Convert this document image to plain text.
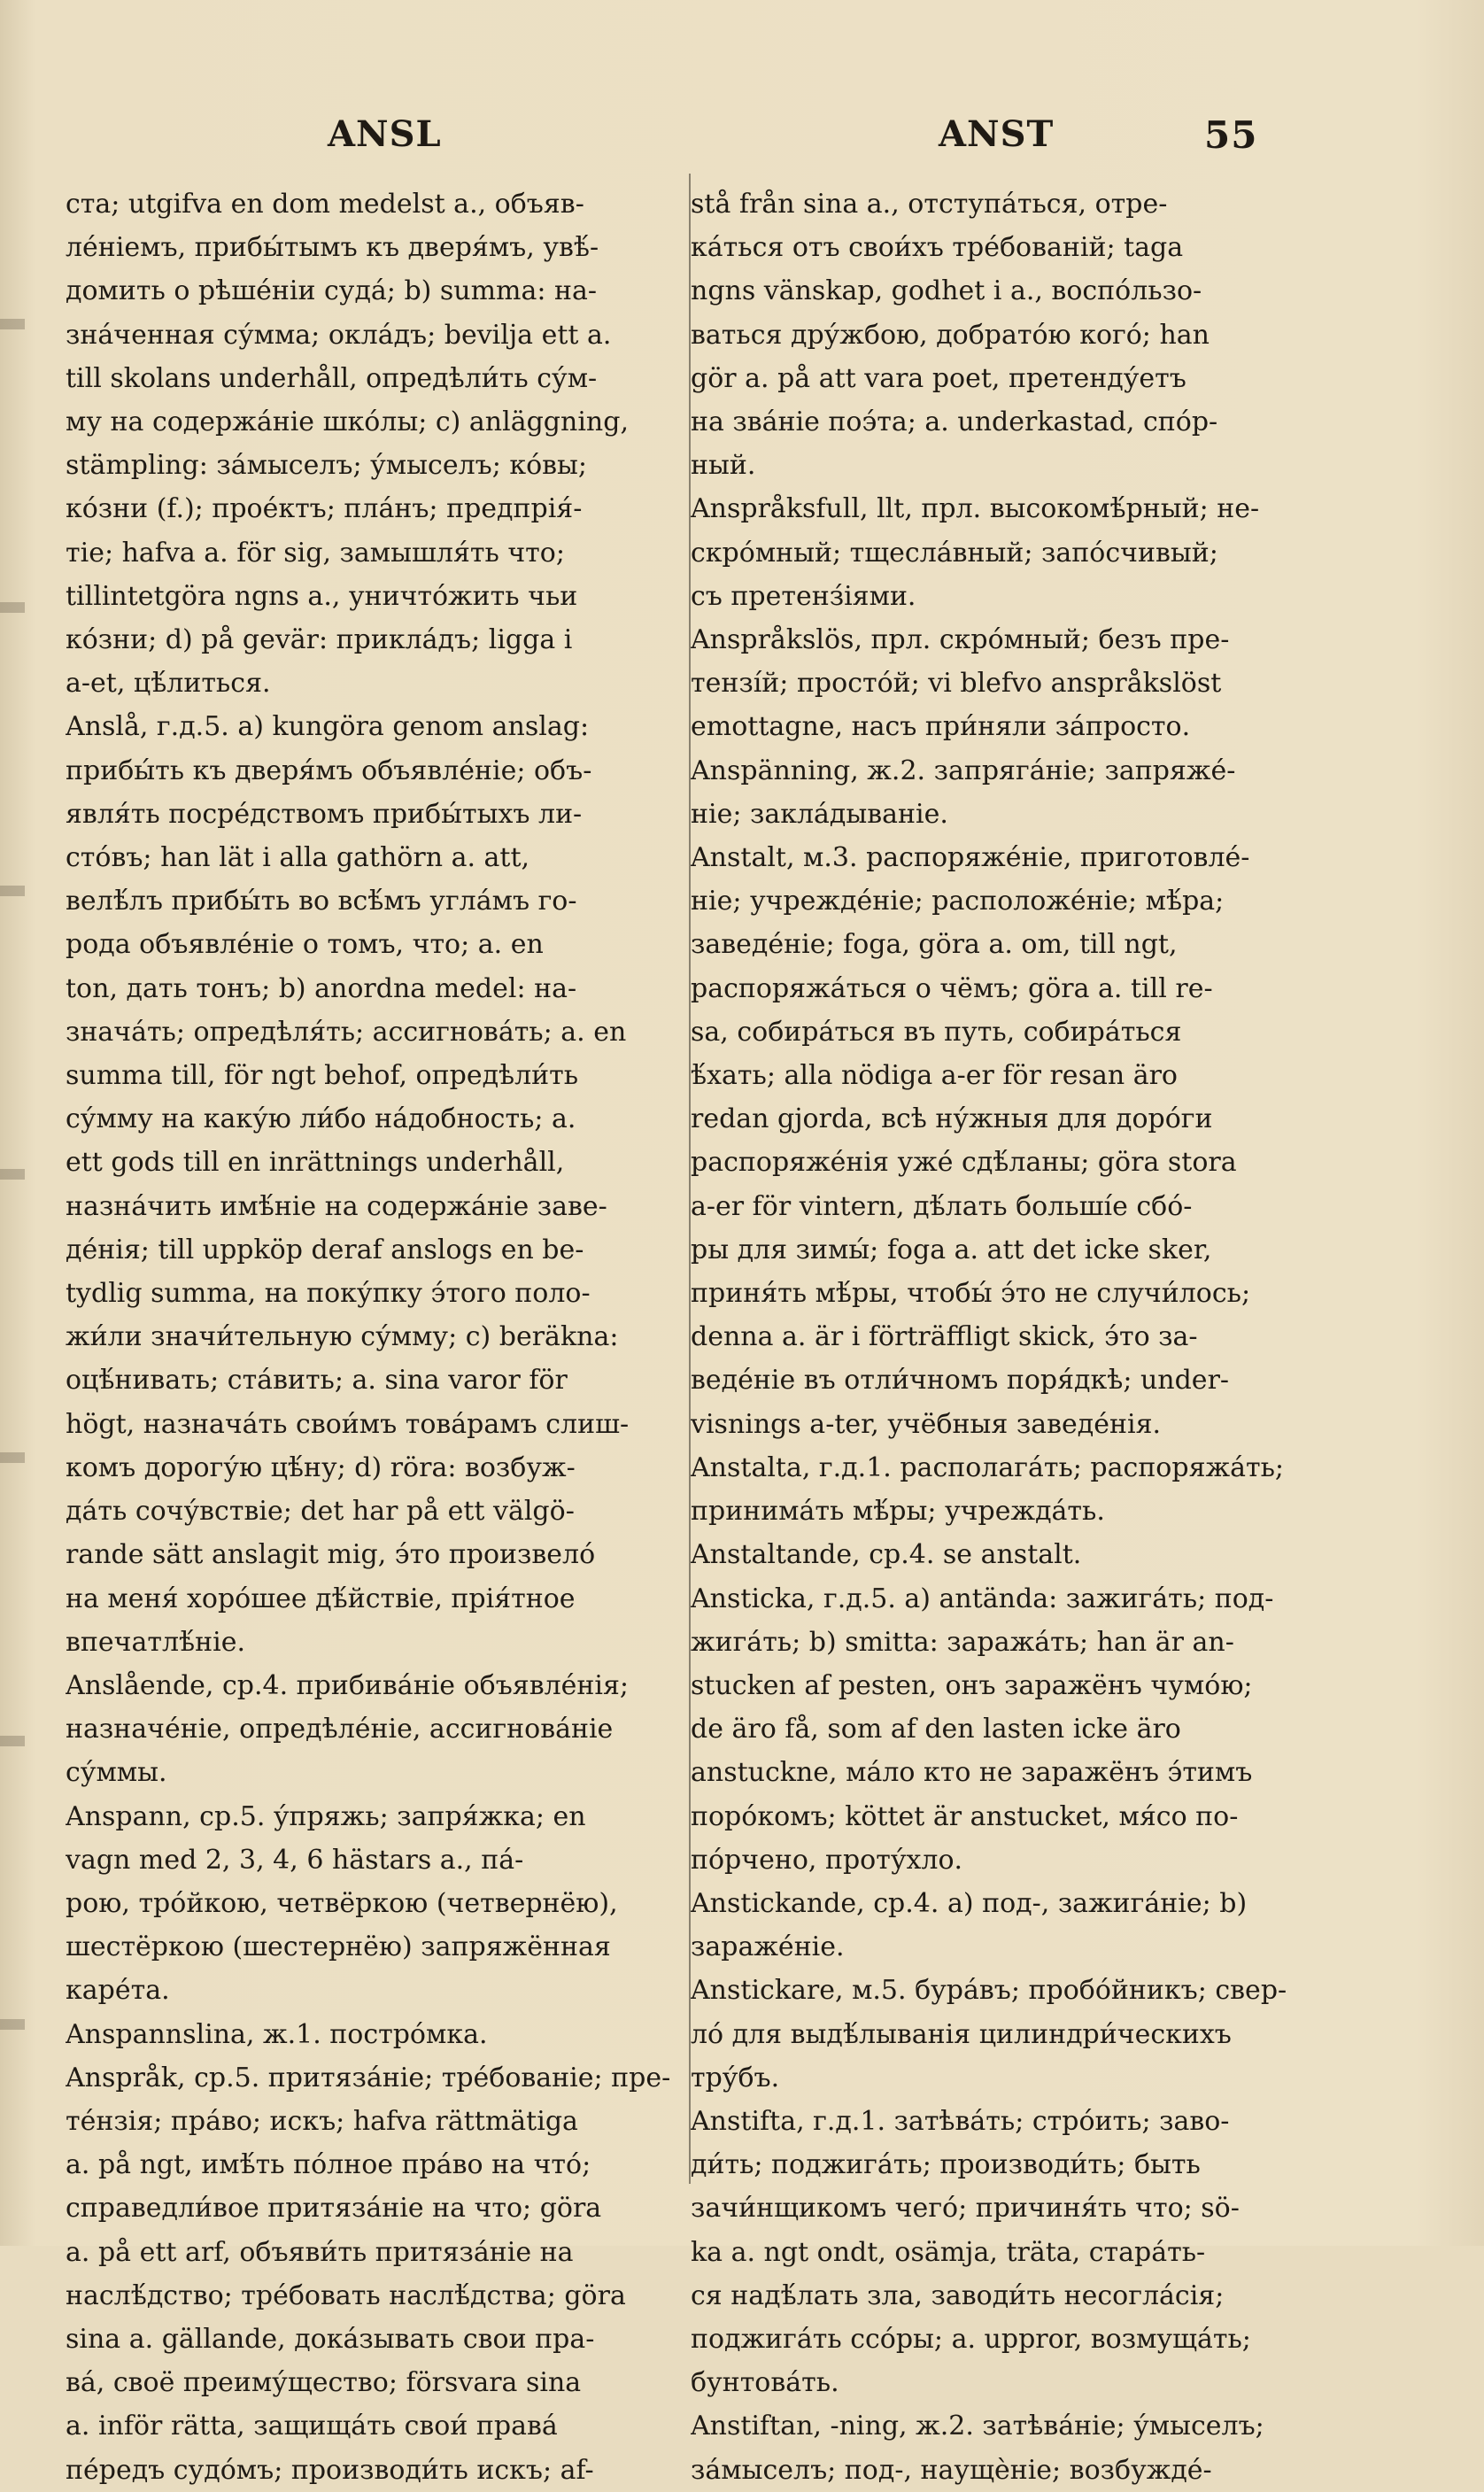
ANSL	ANST	55
ста; utgifva en dom medelst a., объяв-
ле́ніемъ, прибы́тымъ къ двеpя́мъ, увѣ́-
домить о рѣше́ніи суда́; b) summa: на-
зна́ченная су́мма; окла́дъ; bevilja ett a.
till skolans underhåll, опредѣли́ть су́м-
му на содержа́ніе шко́лы; c) anläggning,
stämpling: за́мыселъ; у́мыселъ; ко́вы;
ко́зни (f.); прое́ктъ; пла́нъ; предпрія́-
тіе; hafva a. för sig, замышля́ть что;
tillintetgöra ngns a., уничто́жить чьи
ко́зни; d) på gevär: прикла́дъ; ligga i
a-et, цѣ́литься.
Anslå, г.д.5. a) kungöra genom anslag:
прибы́ть къ двеpя́мъ объявле́ніе; объ-
явля́ть посре́дствомъ прибы́тыхъ ли-
сто́въ; han lät i alla gathörn a. att,
велѣ́лъ прибы́ть во всѣ́мъ угла́мъ го-
рода объявле́ніе о томъ, что; a. en
ton, дать тонъ; b) anordna medel: на-
знача́ть; опредѣля́ть; ассигнова́ть; a. en
summa till, för ngt behof, опредѣли́ть
су́мму на каку́ю ли́бо на́добность; a.
ett gods till en inrättnings underhåll,
назна́чить имѣ́ніе на содержа́ніе заве-
де́нія; till uppköp deraf anslogs en be-
tydlig summa, на поку́пку э́того поло-
жи́ли значи́тельную су́мму; c) beräkna:
оцѣ́нивать; ста́вить; a. sina varor för
högt, назнача́ть свои́мъ това́рамъ слиш-
комъ дорогу́ю цѣ́ну; d) röra: возбуж-
да́ть сочу́вствіе; det har på ett välgö-
rande sätt anslagit mig, э́то произвело́
на меня́ хоро́шее дѣ́йствіе, прія́тное
впечатлѣ́ніе.
Anslående, ср.4. прибива́ніе объявле́нія;
назначе́ніе, опредѣле́ніе, ассигнова́ніе
су́ммы.
Anspann, ср.5. у́пряжь; запря́жка; en
vagn med 2, 3, 4, 6 hästars a., па́-
рою, тро́йкою, четвёркою (четвернёю),
шестёркою (шестернёю) запряжённая
каре́та.
Anspannslina, ж.1. постро́мка.
Anspråk, ср.5. притяза́ніе; тре́бованіе; пре-
те́нзія; пра́во; искъ; hafva rättmätiga
a. på ngt, имѣ́ть по́лное пра́во на что́;
справедли́вое притяза́ніе на что; göra
a. på ett arf, объяви́ть притяза́ніе на
наслѣ́дство; тре́бовать наслѣ́дства; göra
sina a. gällande, дока́зывать свои пра-
ва́, своё преиму́щество; försvara sina
a. inför rätta, защища́ть свои́ права́
пе́редъ судо́мъ; производи́ть искъ; af-
stå från sina a., отступа́ться, отре-
ка́ться отъ свои́хъ тре́бованій; taga
ngns vänskap, godhet i a., воспо́льзо-
ваться дру́жбою, добрато́ю кого́; han
gör a. på att vara poet, претенду́етъ
на зва́ніе поэ́та; a. underkastad, спо́р-
ный.
Anspråksfull, llt, прл. высокомѣ́рный; не-
скро́мный; тщесла́вный; запо́счивый;
съ претенз́іями.
Anspråkslös, прл. скро́мный; безъ пре-
тензі́й; просто́й; vi blefvo anspråkslöst
emottagne, насъ при́няли за́просто.
Anspänning, ж.2. запряга́ніе; запряже́-
ніе; закла́дываніе.
Anstalt, м.3. распоряже́ніе, приготовле́-
ніе; учрежде́ніе; расположе́ніе; мѣ́ра;
заведе́ніе; foga, göra a. om, till ngt,
распоряжа́ться о чёмъ; göra a. till re-
sa, собира́ться въ путь, собира́ться
ѣ́хать; alla nödiga a-er för resan äro
redan gjorda, всѣ ну́жныя для доро́ги
распоряже́нія уже́ сдѣ́ланы; göra stora
a-er för vintern, дѣ́лать больші́е сбо́-
ры для зимы́; foga a. att det icke sker,
приня́ть мѣ́ры, чтобы́ э́то не случи́лось;
denna a. är i förträffligt skick, э́то за-
веде́ніе въ отли́чномъ поря́дкѣ; under-
visnings a-ter, учёбныя заведе́нія.
Anstalta, г.д.1. располага́ть; распоряжа́ть;
принима́ть мѣ́ры; учрежда́ть.
Anstaltande, ср.4. se anstalt.
Ansticka, г.д.5. a) antända: зажига́ть; под-
жига́ть; b) smitta: заража́ть; han är an-
stucken af pesten, онъ заражёнъ чумо́ю;
de äro få, som af den lasten icke äro
anstuckne, ма́ло кто не заражёнъ э́тимъ
поро́комъ; köttet är anstucket, мя́со по-
по́рчено, проту́хло.
Anstickande, ср.4. a) под-, зажига́ніе; b)
зараже́ніе.
Anstickare, м.5. бура́въ; пробо́йникъ; свер-
ло́ для выдѣ́лыванія цилиндри́ческихъ
тру́бъ.
Anstifta, г.д.1. затѣва́ть; стро́ить; заво-
ди́ть; поджига́ть; производи́ть; быть
зачи́нщикомъ чего́; причиня́ть что; sö-
ka a. ngt ondt, osämja, träta, стара́ть-
ся надѣ́лать зла, заводи́ть несогла́сія;
поджига́ть ссо́ры; a. uppror, возмуща́ть;
бунтова́ть.
Anstiftan, -ning, ж.2. затѣва́ніе; у́мыселъ;
за́мыселъ; под-, наущѐніе; возбужде́-
